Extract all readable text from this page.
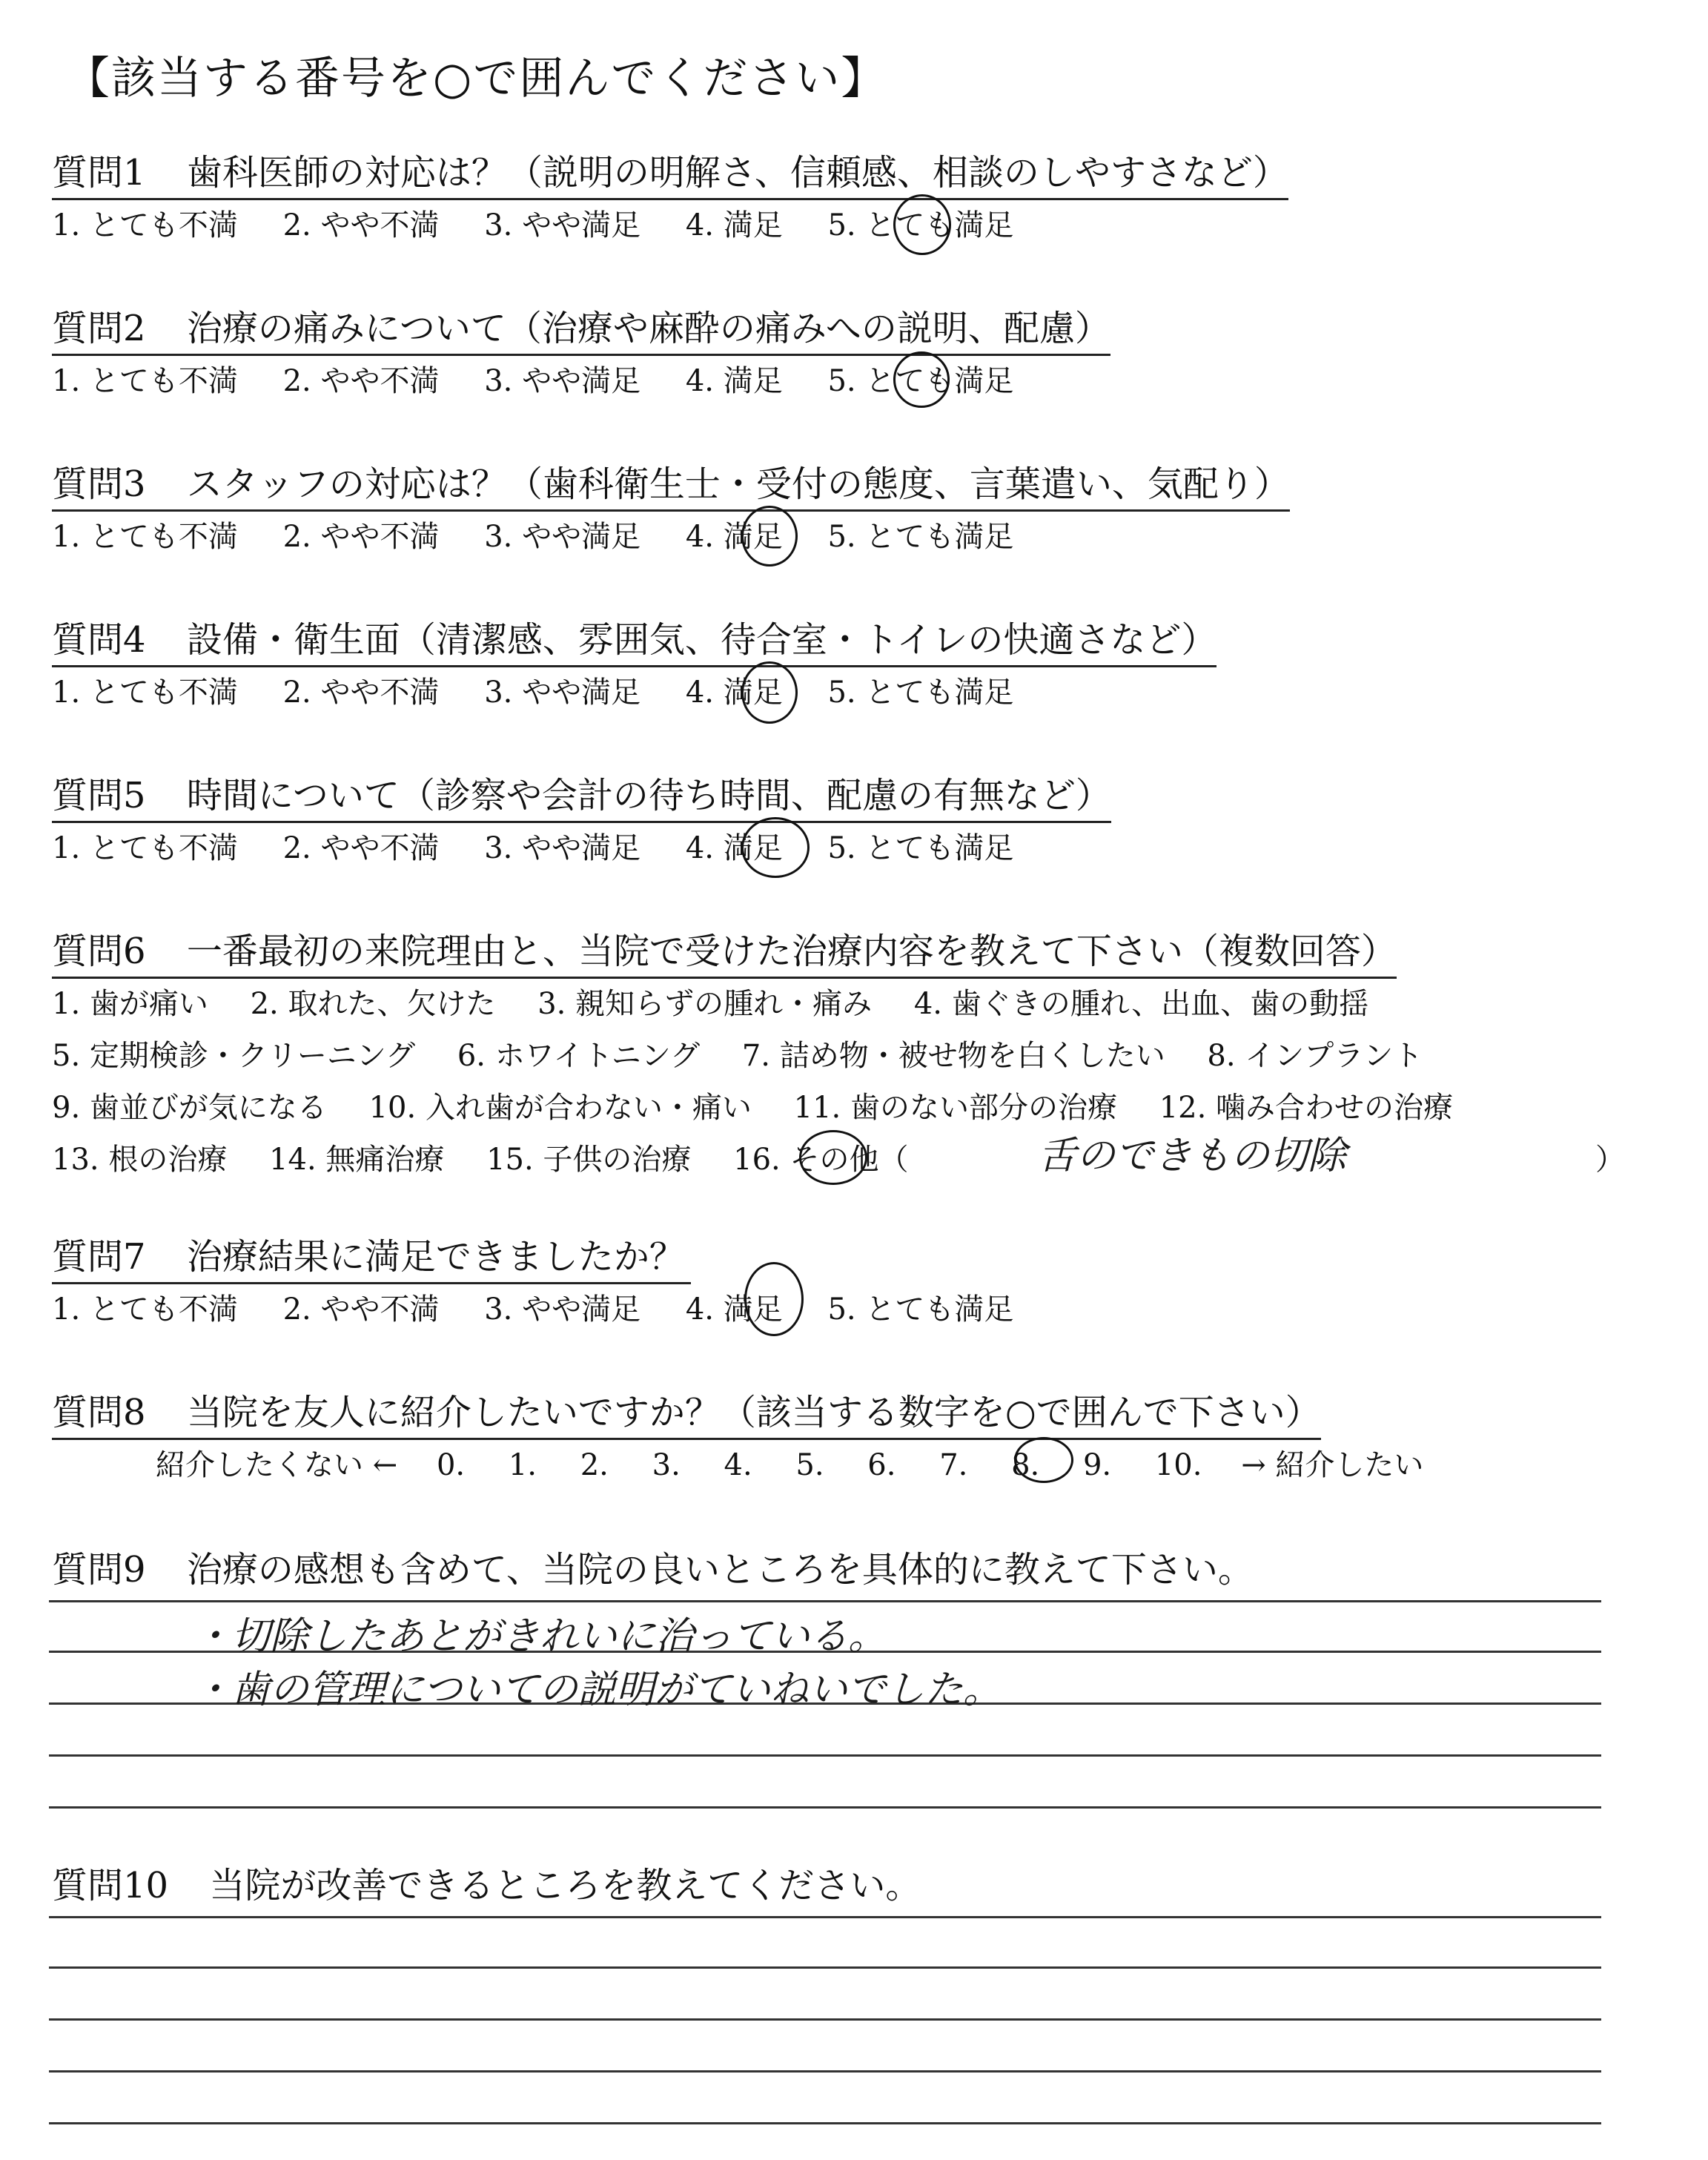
【該当する番号を○で囲んでください】
質問1 歯科医師の対応は？（説明の明解さ、信頼感、相談のしやすさなど）
1. とても不満 2. やや不満 3. やや満足 4. 満足 5. とても満足
質問2 治療の痛みについて（治療や麻酔の痛みへの説明、配慮）
1. とても不満 2. やや不満 3. やや満足 4. 満足 5. とても満足
質問3 スタッフの対応は？（歯科衛生士・受付の態度、言葉遣い、気配り）
1. とても不満 2. やや不満 3. やや満足 4. 満足 5. とても満足
質問4 設備・衛生面（清潔感、雰囲気、待合室・トイレの快適さなど）
1. とても不満 2. やや不満 3. やや満足 4. 満足 5. とても満足
質問5 時間について（診察や会計の待ち時間、配慮の有無など）
1. とても不満 2. やや不満 3. やや満足 4. 満足 5. とても満足
質問6 一番最初の来院理由と、当院で受けた治療内容を教えて下さい（複数回答）
1. 歯が痛い 2. 取れた、欠けた 3. 親知らずの腫れ・痛み 4. 歯ぐきの腫れ、出血、歯の動揺
5. 定期検診・クリーニング 6. ホワイトニング 7. 詰め物・被せ物を白くしたい 8. インプラント
9. 歯並びが気になる 10. 入れ歯が合わない・痛い 11. 歯のない部分の治療 12. 噛み合わせの治療
13. 根の治療 14. 無痛治療 15. 子供の治療 16. その他（	舌のできもの切除	）
質問7 治療結果に満足できましたか？
1. とても不満 2. やや不満 3. やや満足 4. 満足 5. とても満足
質問8 当院を友人に紹介したいですか？（該当する数字を○で囲んで下さい）
紹介したくない ← 0. 1. 2. 3. 4. 5. 6. 7. 8. 9. 10. → 紹介したい
質問9 治療の感想も含めて、当院の良いところを具体的に教えて下さい。
・切除したあとがきれいに治っている。
・歯の管理についての説明がていねいでした。
質問10 当院が改善できるところを教えてください。
